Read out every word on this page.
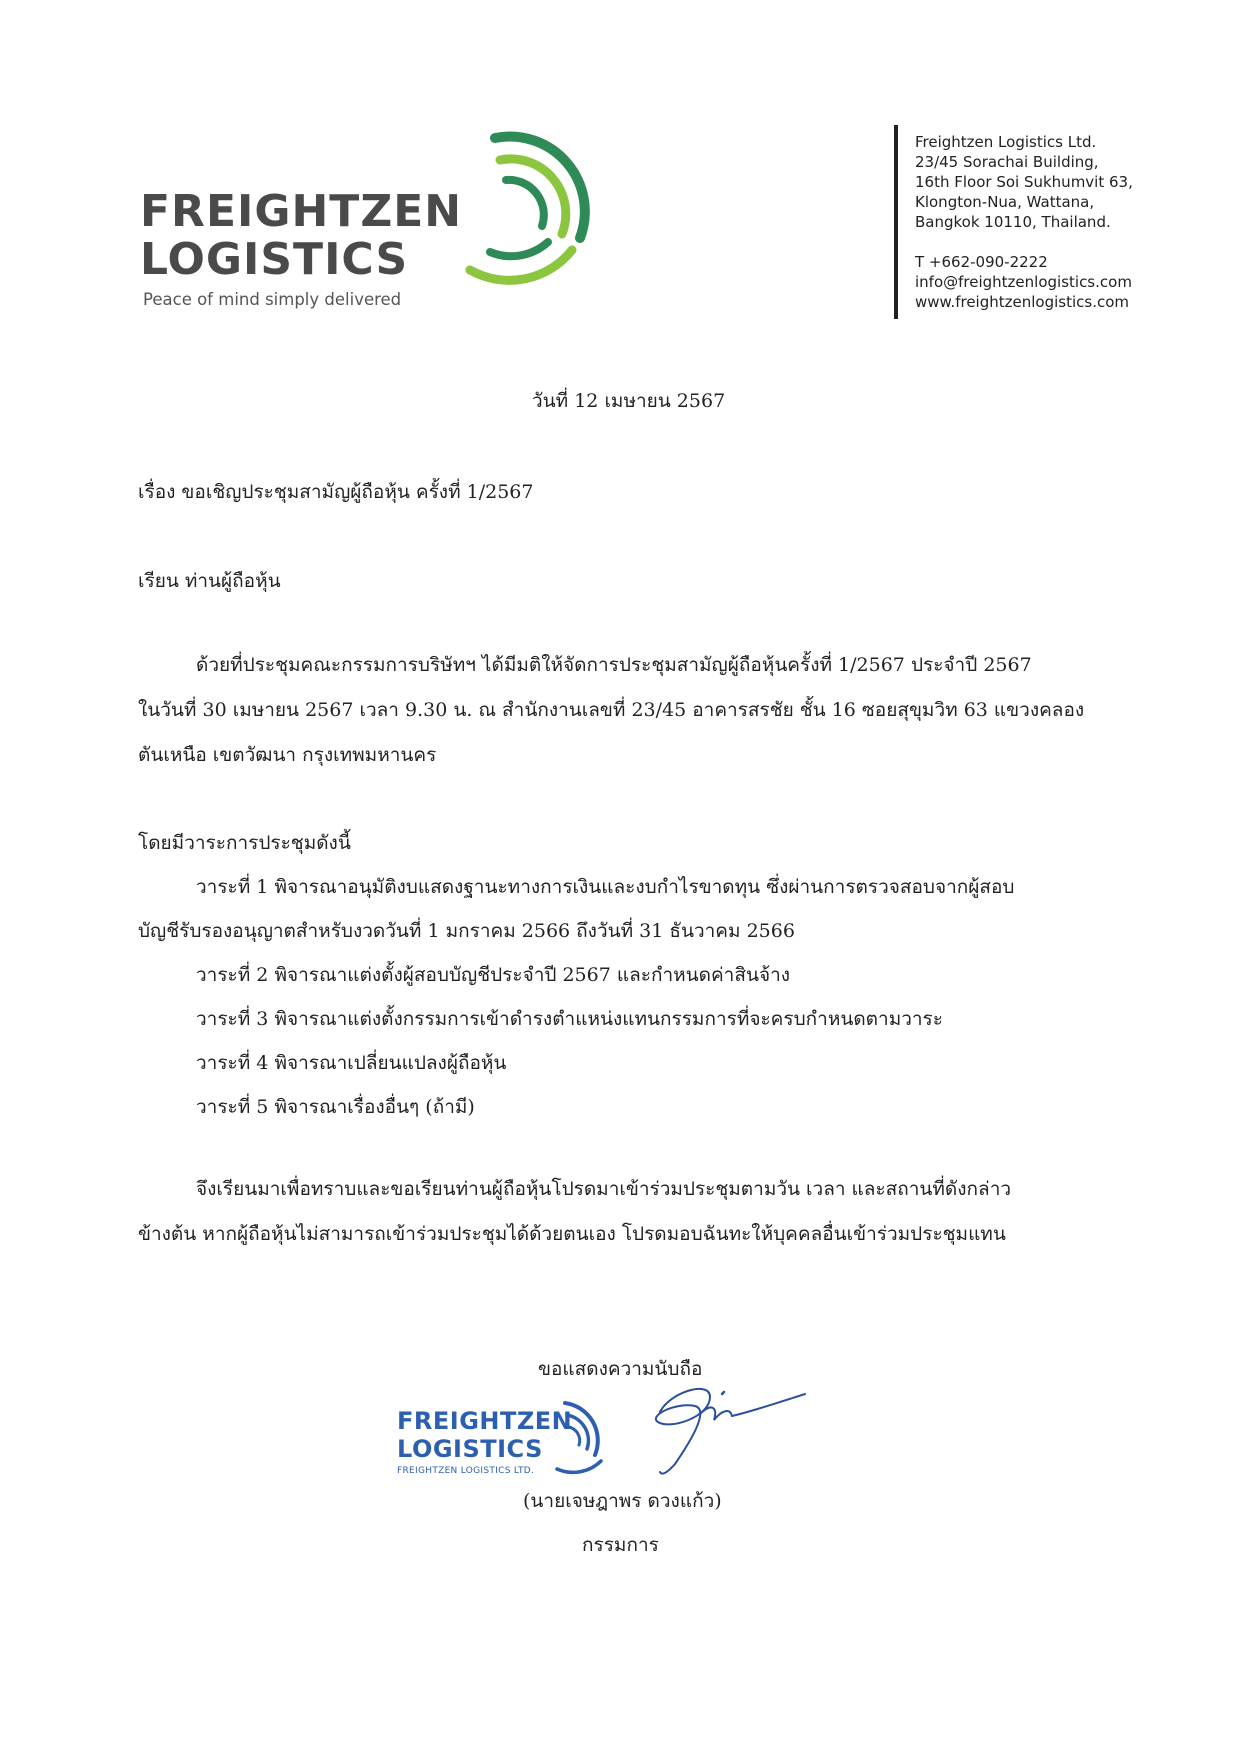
FREIGHTZEN
LOGISTICS
Peace of mind simply delivered
Freightzen Logistics Ltd.
23/45 Sorachai Building,
16th Floor Soi Sukhumvit 63,
Klongton-Nua, Wattana,
Bangkok 10110, Thailand.
T +662-090-2222
info@freightzenlogistics.com
www.freightzenlogistics.com
วันที่ 12 เมษายน 2567
เรื่อง ขอเชิญประชุมสามัญผู้ถือหุ้น ครั้งที่ 1/2567
เรียน ท่านผู้ถือหุ้น
ด้วยที่ประชุมคณะกรรมการบริษัทฯ ได้มีมติให้จัดการประชุมสามัญผู้ถือหุ้นครั้งที่ 1/2567 ประจำปี 2567
ในวันที่ 30 เมษายน 2567 เวลา 9.30 น. ณ สำนักงานเลขที่ 23/45 อาคารสรชัย ชั้น 16 ซอยสุขุมวิท 63 แขวงคลอง
ตันเหนือ เขตวัฒนา กรุงเทพมหานคร
โดยมีวาระการประชุมดังนี้
วาระที่ 1 พิจารณาอนุมัติงบแสดงฐานะทางการเงินและงบกำไรขาดทุน ซึ่งผ่านการตรวจสอบจากผู้สอบ
บัญชีรับรองอนุญาตสำหรับงวดวันที่ 1 มกราคม 2566 ถึงวันที่ 31 ธันวาคม 2566
วาระที่ 2 พิจารณาแต่งตั้งผู้สอบบัญชีประจำปี 2567 และกำหนดค่าสินจ้าง
วาระที่ 3 พิจารณาแต่งตั้งกรรมการเข้าดำรงตำแหน่งแทนกรรมการที่จะครบกำหนดตามวาระ
วาระที่ 4 พิจารณาเปลี่ยนแปลงผู้ถือหุ้น
วาระที่ 5 พิจารณาเรื่องอื่นๆ (ถ้ามี)
จึงเรียนมาเพื่อทราบและขอเรียนท่านผู้ถือหุ้นโปรดมาเข้าร่วมประชุมตามวัน เวลา และสถานที่ดังกล่าว
ข้างต้น หากผู้ถือหุ้นไม่สามารถเข้าร่วมประชุมได้ด้วยตนเอง โปรดมอบฉันทะให้บุคคลอื่นเข้าร่วมประชุมแทน
ขอแสดงความนับถือ
FREIGHTZEN
LOGISTICS
FREIGHTZEN LOGISTICS LTD.
(นายเจษฎาพร ดวงแก้ว)
กรรมการ
